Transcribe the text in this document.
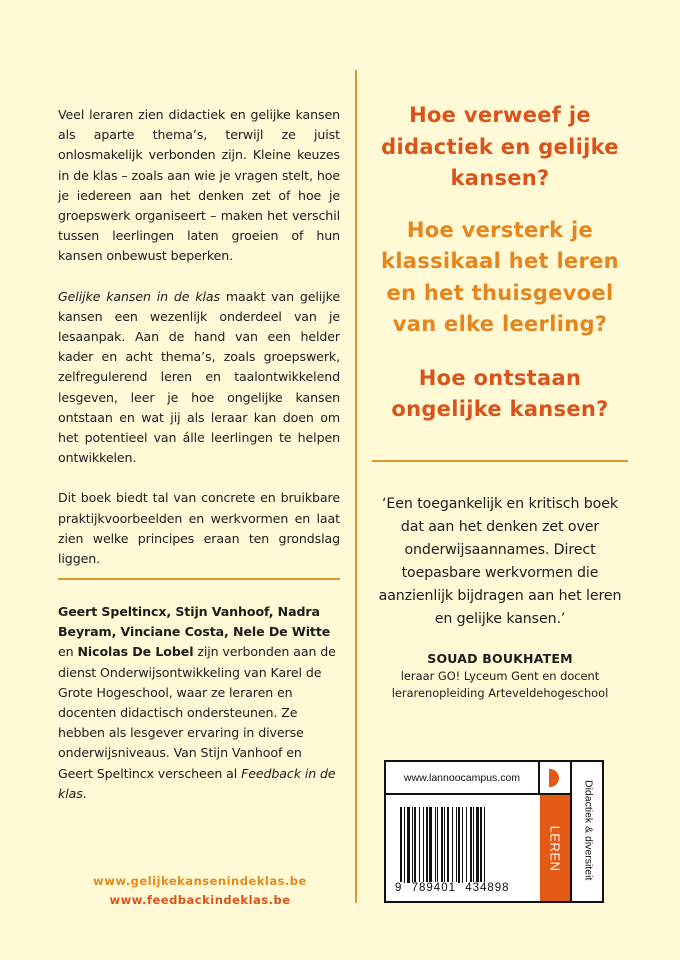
Veel leraren zien didactiek en gelijke kansen als aparte thema’s, terwijl ze juist onlosmakelijk verbonden zijn. Kleine keuzes in de klas – zoals aan wie je vragen stelt, hoe je iedereen aan het denken zet of hoe je groepswerk organiseert – maken het verschil tussen leerlingen laten groeien of hun kansen onbewust beperken.

Gelijke kansen in de klas maakt van gelijke kansen een wezenlijk onderdeel van je lesaanpak. Aan de hand van een helder kader en acht thema’s, zoals groepswerk, zelfregulerend leren en taalontwikkelend lesgeven, leer je hoe ongelijke kansen ontstaan en wat jij als leraar kan doen om het potentieel van álle leerlingen te helpen ontwikkelen.

Dit boek biedt tal van concrete en bruikbare praktijkvoorbeelden en werkvormen en laat zien welke principes eraan ten grondslag liggen.

Geert Speltincx, Stijn Vanhoof, Nadra Beyram, Vinciane Costa, Nele De Witte en Nicolas De Lobel zijn verbonden aan de dienst Onderwijsontwikkeling van Karel de Grote Hogeschool, waar ze leraren en docenten didactisch ondersteunen. Ze hebben als lesgever ervaring in diverse onderwijsniveaus. Van Stijn Vanhoof en Geert Speltincx verscheen al Feedback in de klas.
www.gelijkekansenindeklas.be
www.feedbackindeklas.be
Hoe verweef je didactiek en gelijke kansen?
Hoe versterk je klassikaal het leren en het thuisgevoel van elke leerling?
Hoe ontstaan ongelijke kansen?
‘Een toegankelijk en kritisch boek dat aan het denken zet over onderwijsaannames. Direct toepasbare werkvormen die aanzienlijk bijdragen aan het leren en gelijke kansen.’
SOUAD BOUKHATEM
leraar GO! Lyceum Gent en docent
lerarenopleiding Arteveldehogeschool
www.lannoocampus.com
LEREN Didactiek & diversiteit
9 789401 434898
